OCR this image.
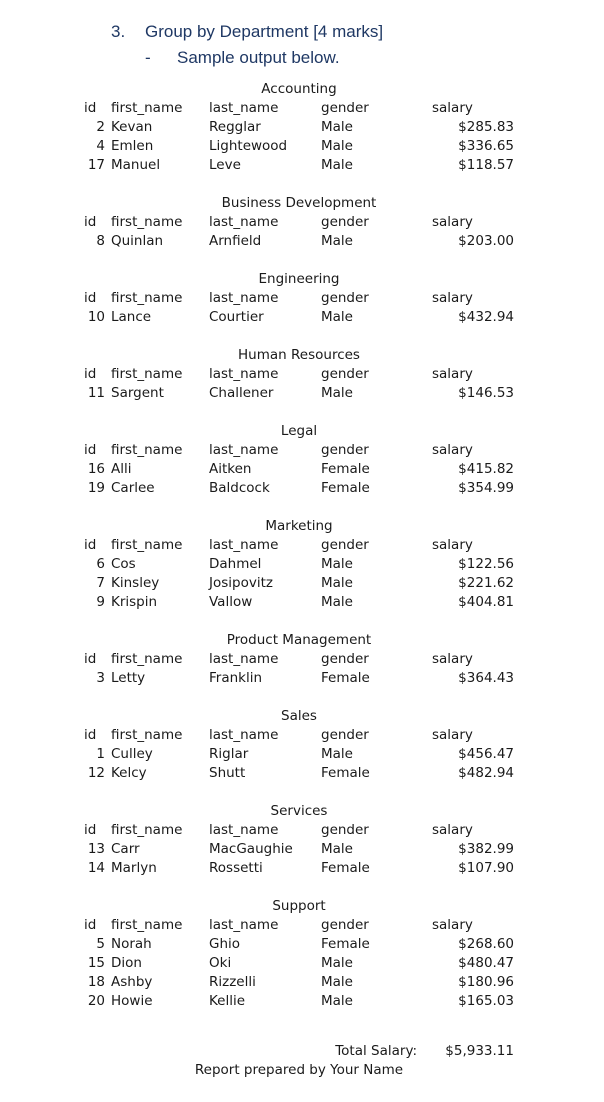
3. Group by Department [4 marks]
- Sample output below.
Accounting
id first_name last_name	gender	salary
2 Kevan	Regglar	Male	$285.83
4 Emlen	Lightewood	Male	$336.65
17 Manuel	Leve	Male	$118.57
Business Development
id first_name last_name	gender	salary
8 Quinlan	Arnfield	Male	$203.00
Engineering
id first_name last_name	gender	salary
10 Lance	Courtier	Male	$432.94
Human Resources
id first_name last_name	gender	salary
11 Sargent	Challener	Male	$146.53
Legal
id first_name last_name	gender	salary
16 Alli	Aitken	Female	$415.82
19 Carlee	Baldcock	Female	$354.99
Marketing
id first_name last_name	gender	salary
6 Cos	Dahmel	Male	$122.56
7 Kinsley	Josipovitz	Male	$221.62
9 Krispin	Vallow	Male	$404.81
Product Management
id first_name last_name	gender	salary
3 Letty	Franklin	Female	$364.43
Sales
id first_name last_name	gender	salary
1 Culley	Riglar	Male	$456.47
12 Kelcy	Shutt	Female	$482.94
Services
id first_name last_name	gender	salary
13 Carr	MacGaughie Male	$382.99
14 Marlyn	Rossetti	Female	$107.90
Support
id first_name last_name	gender	salary
5 Norah	Ghio	Female	$268.60
15 Dion	Oki	Male	$480.47
18 Ashby	Rizzelli	Male	$180.96
20 Howie	Kellie	Male	$165.03
Total Salary:	$5,933.11
Report prepared by Your Name
